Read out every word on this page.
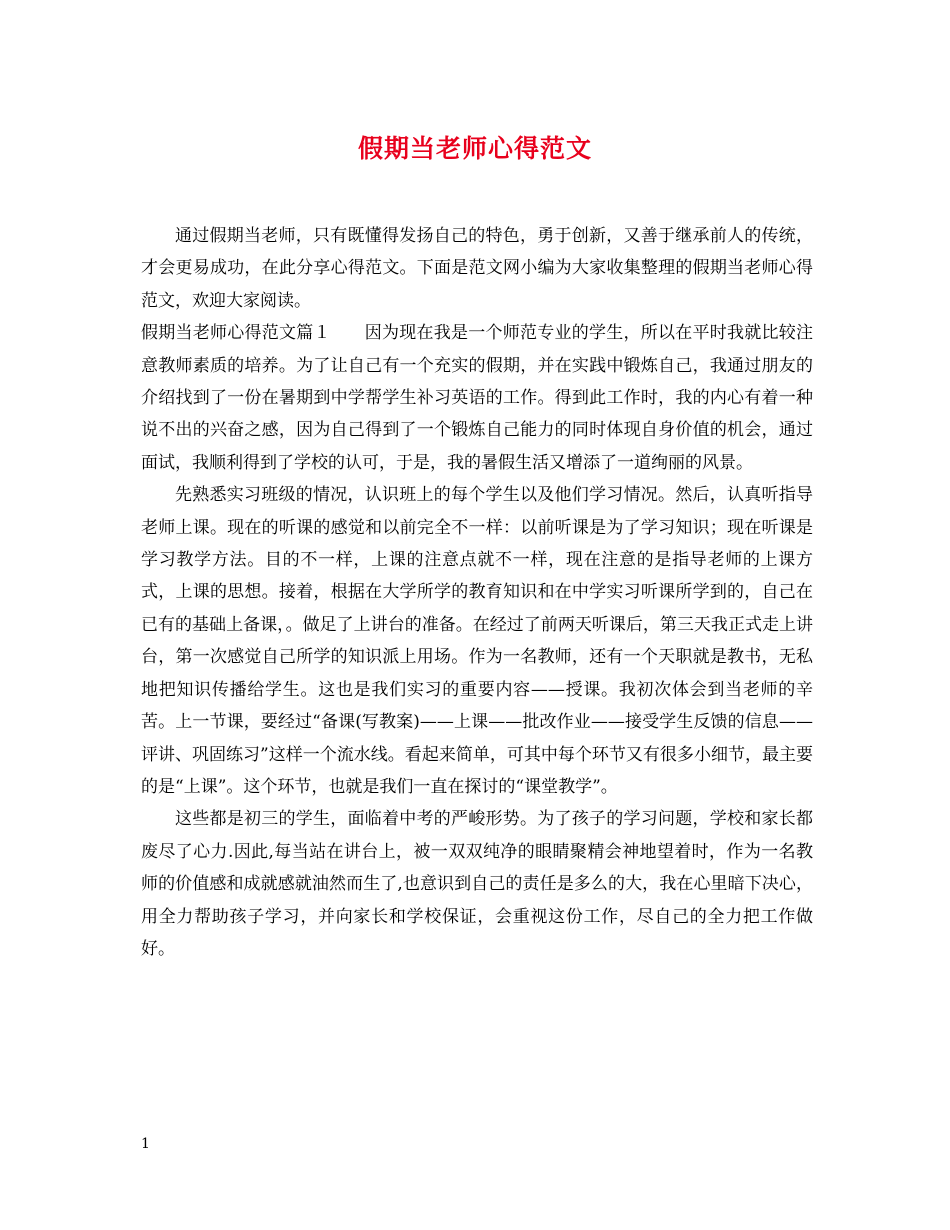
假期当老师心得范文

通过假期当老师，只有既懂得发扬自己的特色，勇于创新，又善于继承前人的传统，才会更易成功，在此分享心得范文。下面是范文网小编为大家收集整理的假期当老师心得范文，欢迎大家阅读。

假期当老师心得范文篇１ 因为现在我是一个师范专业的学生，所以在平时我就比较注意教师素质的培养。为了让自己有一个充实的假期，并在实践中锻炼自己，我通过朋友的介绍找到了一份在暑期到中学帮学生补习英语的工作。得到此工作时，我的内心有着一种说不出的兴奋之感，因为自己得到了一个锻炼自己能力的同时体现自身价值的机会，通过面试，我顺利得到了学校的认可，于是，我的暑假生活又增添了一道绚丽的风景。

先熟悉实习班级的情况，认识班上的每个学生以及他们学习情况。然后，认真听指导老师上课。现在的听课的感觉和以前完全不一样：以前听课是为了学习知识；现在听课是学习教学方法。目的不一样，上课的注意点就不一样，现在注意的是指导老师的上课方式，上课的思想。接着，根据在大学所学的教育知识和在中学实习听课所学到的，自己在已有的基础上备课，。做足了上讲台的准备。在经过了前两天听课后，第三天我正式走上讲台，第一次感觉自己所学的知识派上用场。作为一名教师，还有一个天职就是教书，无私地把知识传播给学生。这也是我们实习的重要内容——授课。我初次体会到当老师的辛苦。上一节课，要经过“备课(写教案)——上课——批改作业——接受学生反馈的信息——评讲、巩固练习”这样一个流水线。看起来简单，可其中每个环节又有很多小细节，最主要的是“上课”。这个环节，也就是我们一直在探讨的“课堂教学”。

这些都是初三的学生，面临着中考的严峻形势。为了孩子的学习问题，学校和家长都废尽了心力.因此,每当站在讲台上，被一双双纯净的眼睛聚精会神地望着时，作为一名教师的价值感和成就感就油然而生了,也意识到自己的责任是多么的大，我在心里暗下决心，用全力帮助孩子学习，并向家长和学校保证，会重视这份工作，尽自己的全力把工作做好。

1
